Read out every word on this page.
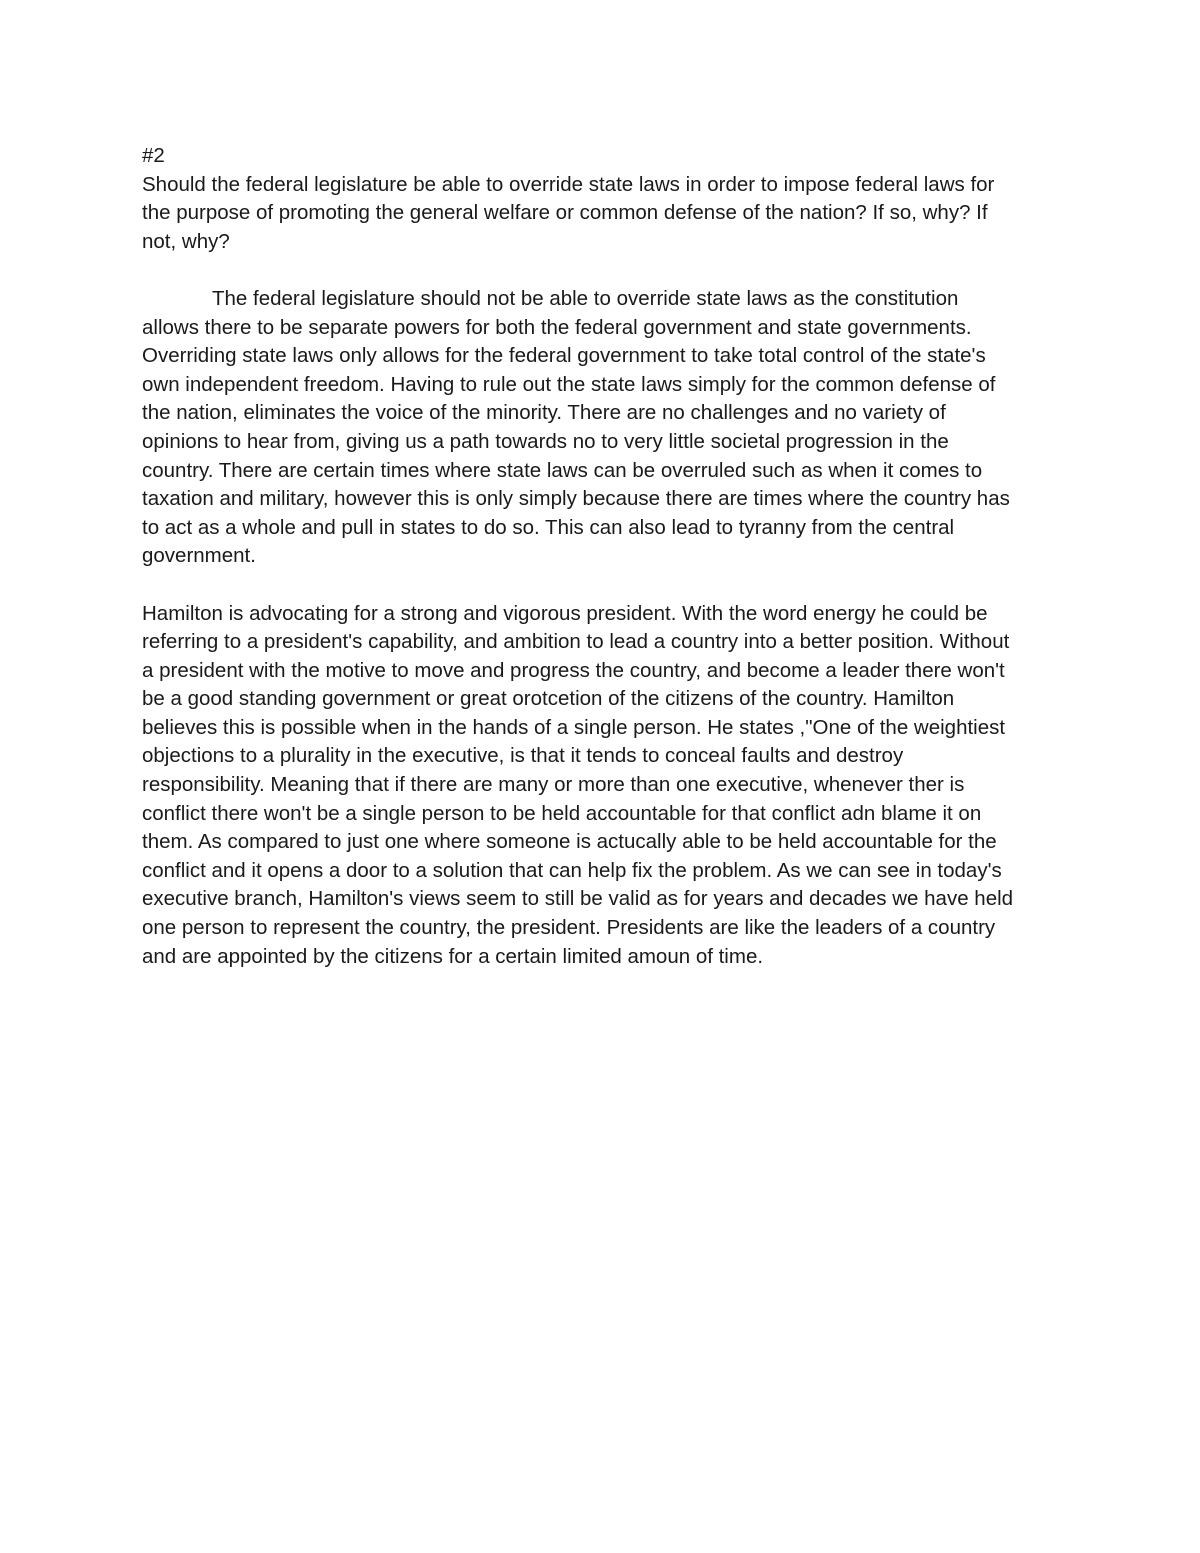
#2
Should the federal legislature be able to override state laws in order to impose federal laws for
the purpose of promoting the general welfare or common defense of the nation? If so, why? If
not, why?
The federal legislature should not be able to override state laws as the constitution
allows there to be separate powers for both the federal government and state governments.
Overriding state laws only allows for the federal government to take total control of the state's
own independent freedom. Having to rule out the state laws simply for the common defense of
the nation, eliminates the voice of the minority. There are no challenges and no variety of
opinions to hear from, giving us a path towards no to very little societal progression in the
country. There are certain times where state laws can be overruled such as when it comes to
taxation and military, however this is only simply because there are times where the country has
to act as a whole and pull in states to do so. This can also lead to tyranny from the central
government.
Hamilton is advocating for a strong and vigorous president. With the word energy he could be
referring to a president's capability, and ambition to lead a country into a better position. Without
a president with the motive to move and progress the country, and become a leader there won't
be a good standing government or great orotcetion of the citizens of the country. Hamilton
believes this is possible when in the hands of a single person. He states ,"One of the weightiest
objections to a plurality in the executive, is that it tends to conceal faults and destroy
responsibility. Meaning that if there are many or more than one executive, whenever ther is
conflict there won't be a single person to be held accountable for that conflict adn blame it on
them. As compared to just one where someone is actucally able to be held accountable for the
conflict and it opens a door to a solution that can help fix the problem. As we can see in today's
executive branch, Hamilton's views seem to still be valid as for years and decades we have held
one person to represent the country, the president. Presidents are like the leaders of a country
and are appointed by the citizens for a certain limited amoun of time.
